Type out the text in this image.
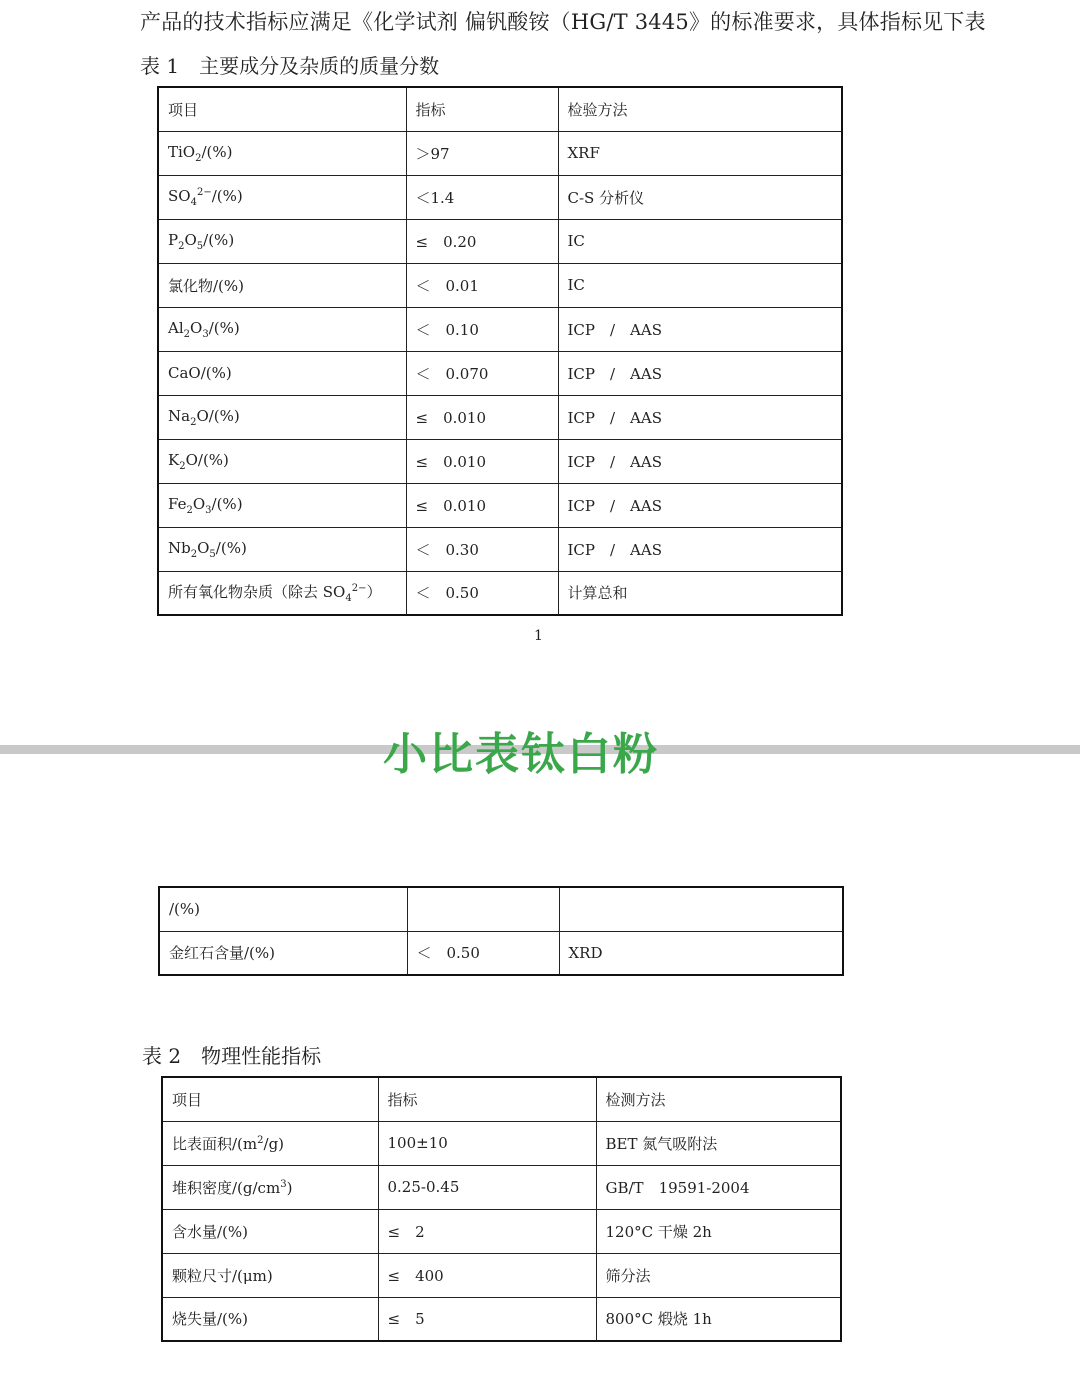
产品的技术指标应满足《化学试剂 偏钒酸铵（HG/T 3445》的标准要求，具体指标见下表
表 1　主要成分及杂质的质量分数
项目	指标	检验方法
TiO$_2$/(%)	＞97	XRF
$SO_4^{2-}/(\%)$	＜1.4	C-S 分析仪
$P_2O_5/(\%)$	≤　0.20	IC
氯化物/(%)	＜　0.01	IC
$Al_2O_3/(\%)$	＜　0.10	ICP　/　AAS
CaO/(%)	＜　0.070	ICP　/　AAS
$Na_2O/(\%)$	≤　0.010	ICP　/　AAS
$K_2O/(\%)$	≤　0.010	ICP　/　AAS
$Fe_2O_3/(\%)$	≤　0.010	ICP　/　AAS
$Nb_2O_5/(\%)$	＜　0.30	ICP　/　AAS
所有氧化物杂质（除去 $SO_4^{2-}$）	＜　0.50	计算总和
1
小比表钛白粉
/(%)		
金红石含量/(%)	＜　0.50	XRD
表 2　物理性能指标
项目	指标	检测方法
比表面积$/(m^2/g)$	100±10	BET 氮气吸附法
堆积密度$/(g/cm^3)$	0.25-0.45	GB/T　19591-2004
含水量/(%)	≤　2	120°C 干燥 2h
颗粒尺寸/(μm)	≤　400	筛分法
烧失量/(%)	≤　5	800°C 煅烧 1h
